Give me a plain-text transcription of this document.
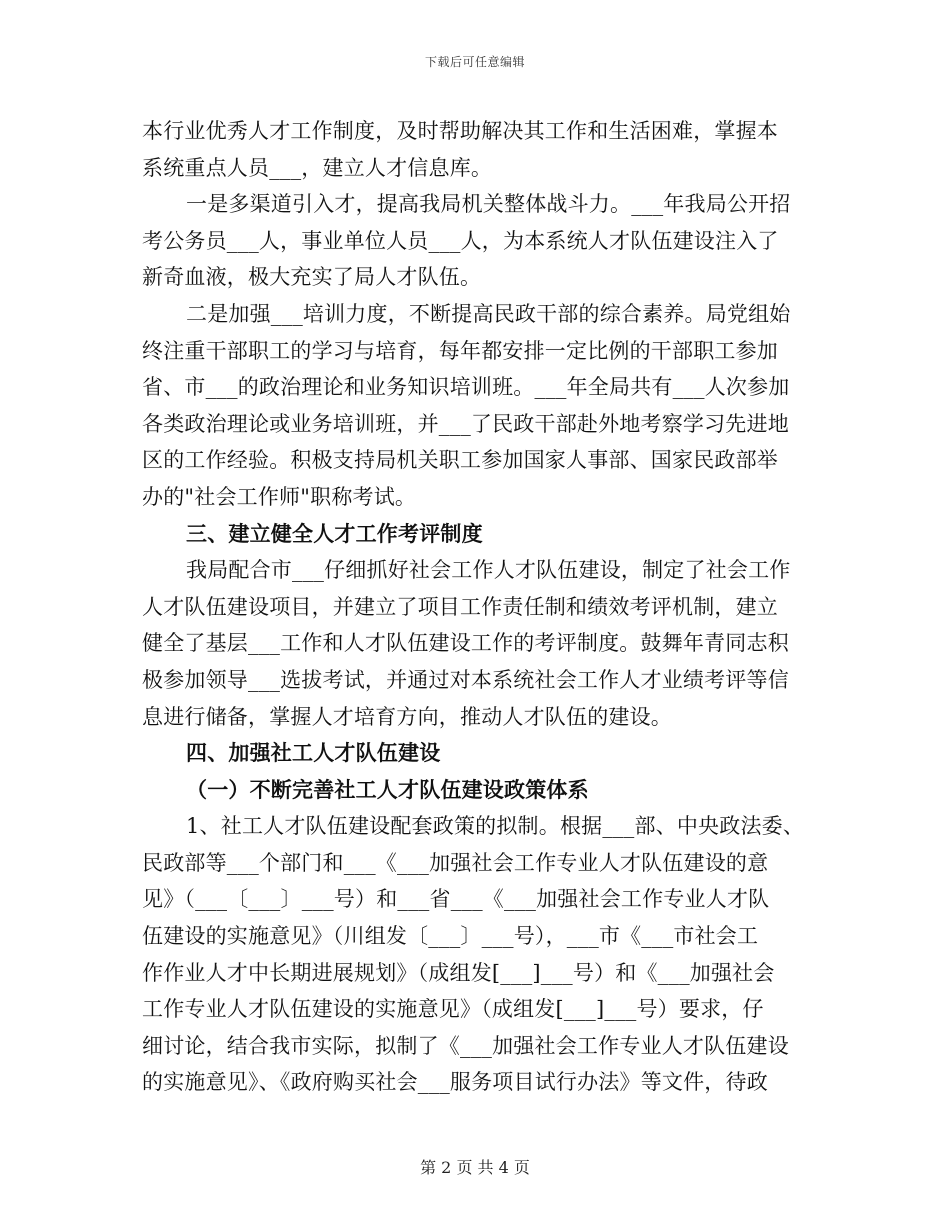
下载后可任意编辑
本行业优秀人才工作制度，及时帮助解决其工作和生活困难，掌握本
系统重点人员___，建立人才信息库。
一是多渠道引入才，提高我局机关整体战斗力。___年我局公开招
考公务员___人，事业单位人员___人，为本系统人才队伍建设注入了
新奇血液，极大充实了局人才队伍。
二是加强___培训力度，不断提高民政干部的综合素养。局党组始
终注重干部职工的学习与培育，每年都安排一定比例的干部职工参加
省、市___的政治理论和业务知识培训班。___年全局共有___人次参加
各类政治理论或业务培训班，并___了民政干部赴外地考察学习先进地
区的工作经验。积极支持局机关职工参加国家人事部、国家民政部举
办的"社会工作师"职称考试。
三、建立健全人才工作考评制度
我局配合市___仔细抓好社会工作人才队伍建设，制定了社会工作
人才队伍建设项目，并建立了项目工作责任制和绩效考评机制，建立
健全了基层___工作和人才队伍建设工作的考评制度。鼓舞年青同志积
极参加领导___选拔考试，并通过对本系统社会工作人才业绩考评等信
息进行储备，掌握人才培育方向，推动人才队伍的建设。
四、加强社工人才队伍建设
（一）不断完善社工人才队伍建设政策体系
1、社工人才队伍建设配套政策的拟制。根据___部、中央政法委、
民政部等___个部门和___《___加强社会工作专业人才队伍建设的意
见》（___〔___〕___号）和___省___《___加强社会工作专业人才队
伍建设的实施意见》（川组发〔___〕___号），___市《___市社会工
作作业人才中长期进展规划》（成组发[___]___号）和《___加强社会
工作专业人才队伍建设的实施意见》（成组发[___]___号）要求，仔
细讨论，结合我市实际，拟制了《___加强社会工作专业人才队伍建设
的实施意见》、《政府购买社会___服务项目试行办法》等文件，待政
第 2 页 共 4 页
